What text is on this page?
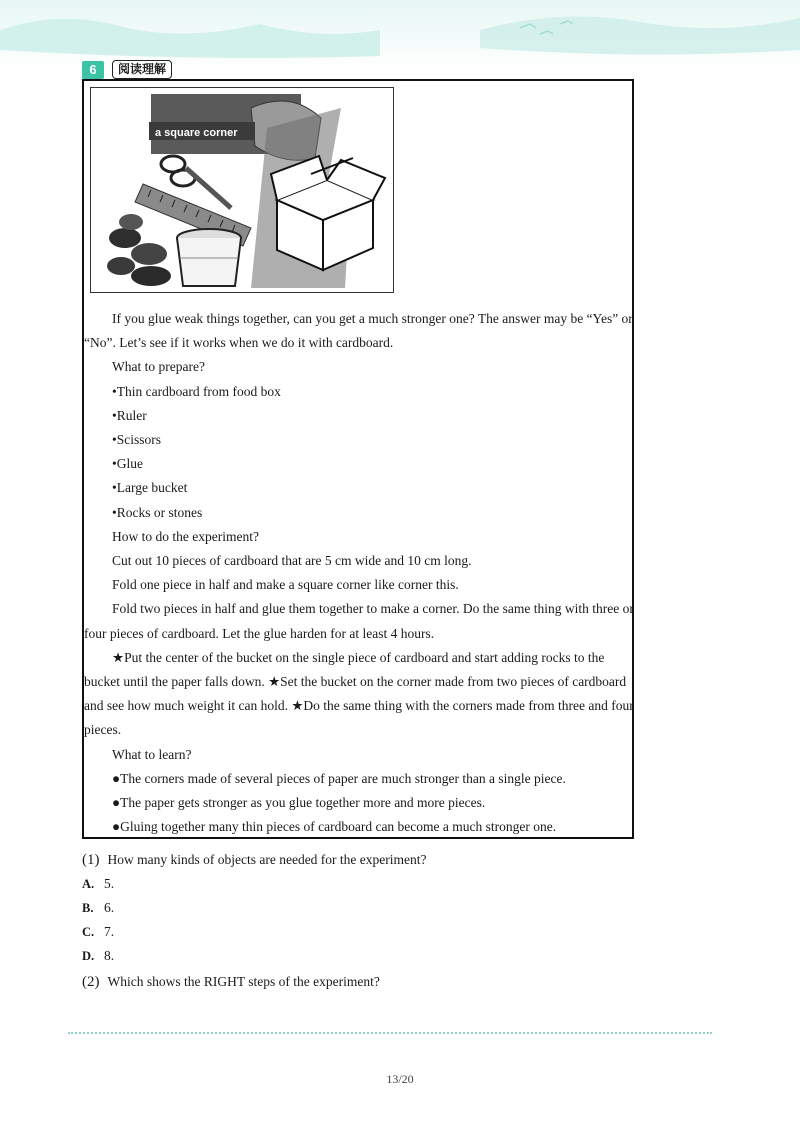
6	阅读理解
a square corner

If you glue weak things together, can you get a much stronger one? The answer may be “Yes” or “No”. Let’s see if it works when we do it with cardboard.

What to prepare?

•Thin cardboard from food box

•Ruler

•Scissors

•Glue

•Large bucket

•Rocks or stones

How to do the experiment?

Cut out 10 pieces of cardboard that are 5 cm wide and 10 cm long.

Fold one piece in half and make a square corner like corner this.

Fold two pieces in half and glue them together to make a corner. Do the same thing with three or four pieces of cardboard. Let the glue harden for at least 4 hours.

★Put the center of the bucket on the single piece of cardboard and start adding rocks to the bucket until the paper falls down. ★Set the bucket on the corner made from two pieces of cardboard and see how much weight it can hold. ★Do the same thing with the corners made from three and four pieces.

What to learn?

●The corners made of several pieces of paper are much stronger than a single piece.

●The paper gets stronger as you glue together more and more pieces.

●Gluing together many thin pieces of cardboard can become a much stronger one.

(1) How many kinds of objects are needed for the experiment?
A. 5.
B. 6.
C. 7.
D. 8.
(2) Which shows the RIGHT steps of the experiment?
13/20
